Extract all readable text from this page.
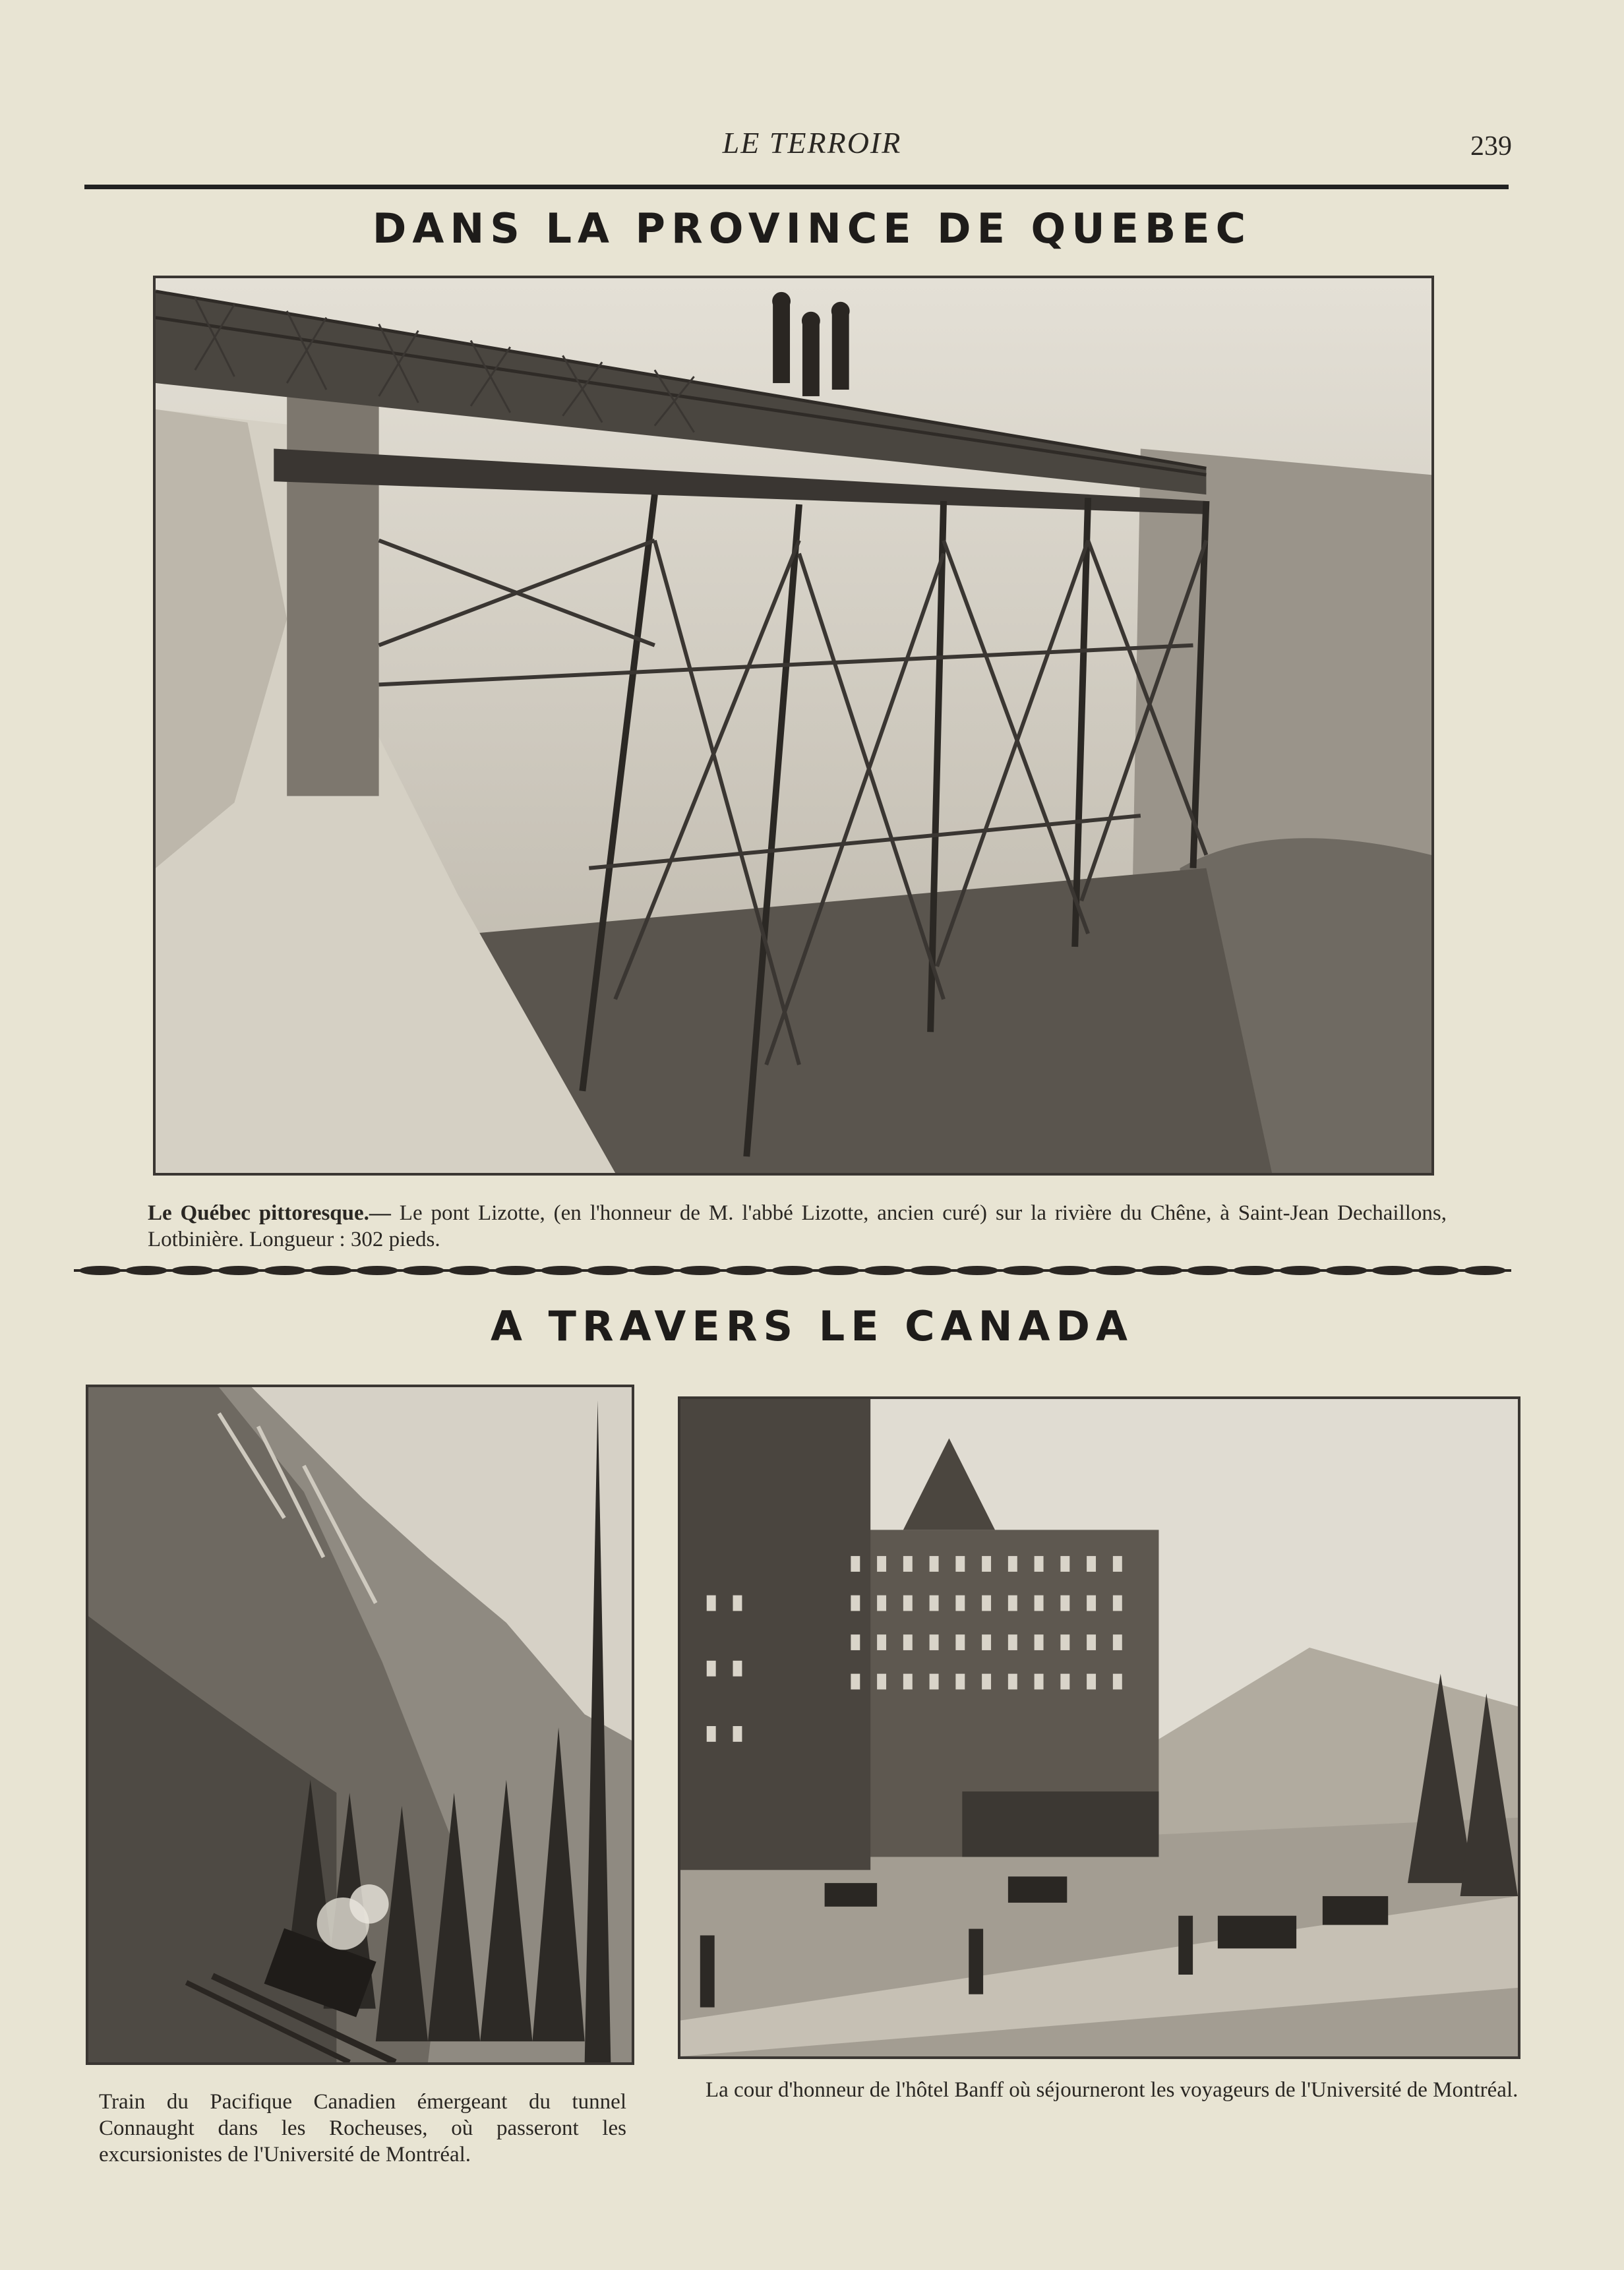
LE TERROIR	239
DANS LA PROVINCE DE QUEBEC
Le Québec pittoresque.— Le pont Lizotte, (en l'honneur de M. l'abbé Lizotte, ancien curé) sur la rivière du Chêne, à Saint-Jean Dechaillons, Lotbinière. Longueur : 302 pieds.
A TRAVERS LE CANADA
Train du Pacifique Canadien émergeant du tunnel Connaught dans les Rocheuses, où passeront les excursionistes de l'Université de Montréal.
La cour d'honneur de l'hôtel Banff où séjourneront les voyageurs de l'Université de Montréal.
